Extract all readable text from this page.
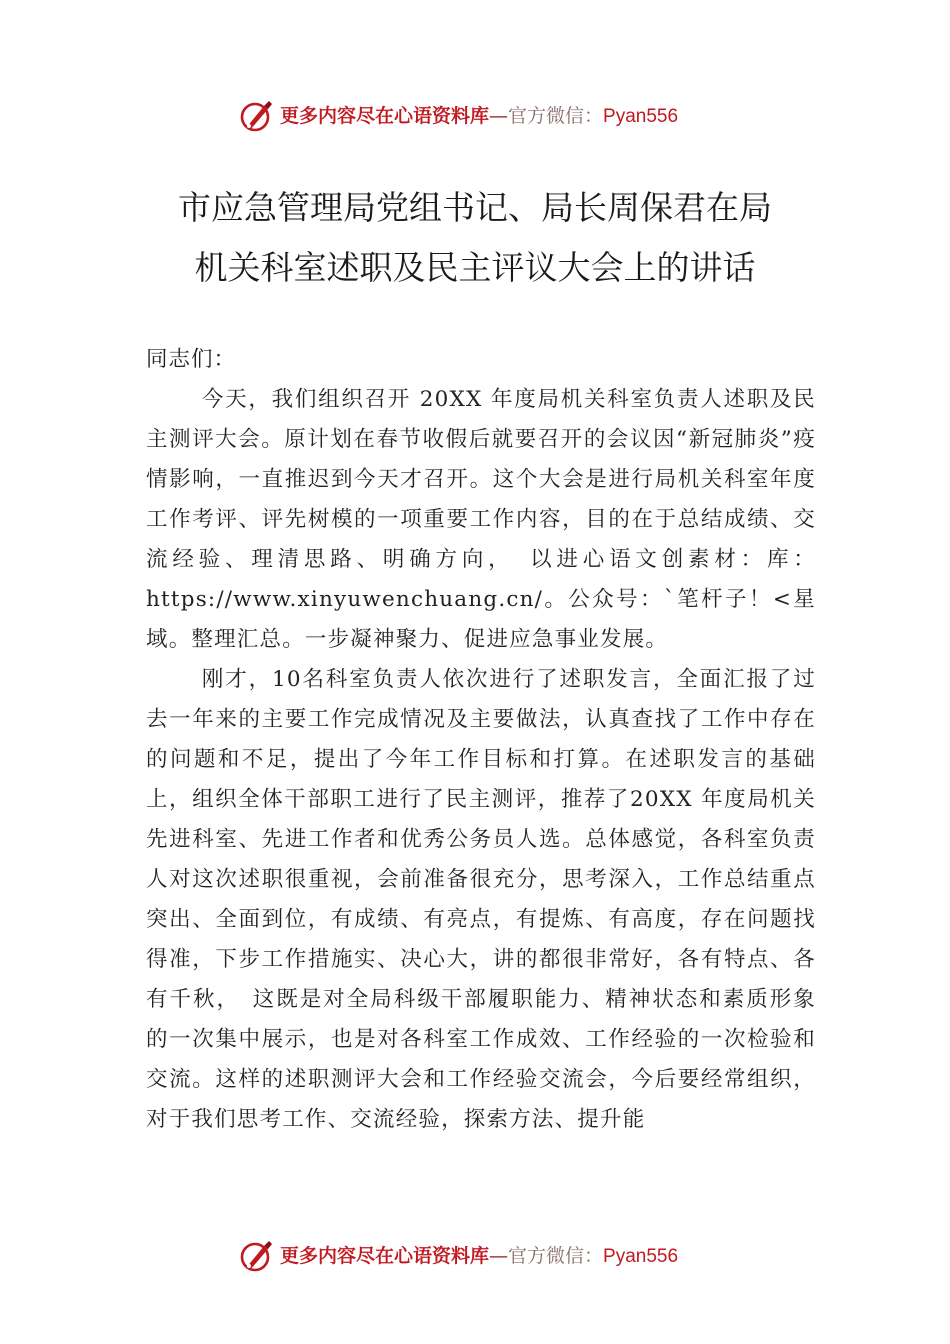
更多内容尽在心语资料库—官方微信：Pyan556
市应急管理局党组书记、局长周保君在局
机关科室述职及民主评议大会上的讲话

同志们：

今天，我们组织召开 20XX 年度局机关科室负责人述职及民主测评大会。原计划在春节收假后就要召开的会议因“新冠肺炎”疫情影响，一直推迟到今天才召开。这个大会是进行局机关科室年度工作考评、评先树模的一项重要工作内容，目的在于总结成绩、交流经验、理清思路、明确方向，　以进心语文创素材：库：https://www.xinyuwenchuang.cn/。公众号：`笔杆子！<星域。整理汇总。一步凝神聚力、促进应急事业发展。

刚才，10名科室负责人依次进行了述职发言，全面汇报了过去一年来的主要工作完成情况及主要做法，认真查找了工作中存在的问题和不足，提出了今年工作目标和打算。在述职发言的基础上，组织全体干部职工进行了民主测评，推荐了20XX 年度局机关先进科室、先进工作者和优秀公务员人选。总体感觉，各科室负责人对这次述职很重视，会前准备很充分，思考深入，工作总结重点突出、全面到位，有成绩、有亮点，有提炼、有高度，存在问题找得准，下步工作措施实、决心大，讲的都很非常好，各有特点、各有千秋，　这既是对全局科级干部履职能力、精神状态和素质形象的一次集中展示，也是对各科室工作成效、工作经验的一次检验和交流。这样的述职测评大会和工作经验交流会，今后要经常组织，对于我们思考工作、交流经验，探索方法、提升能

更多内容尽在心语资料库—官方微信：Pyan556
